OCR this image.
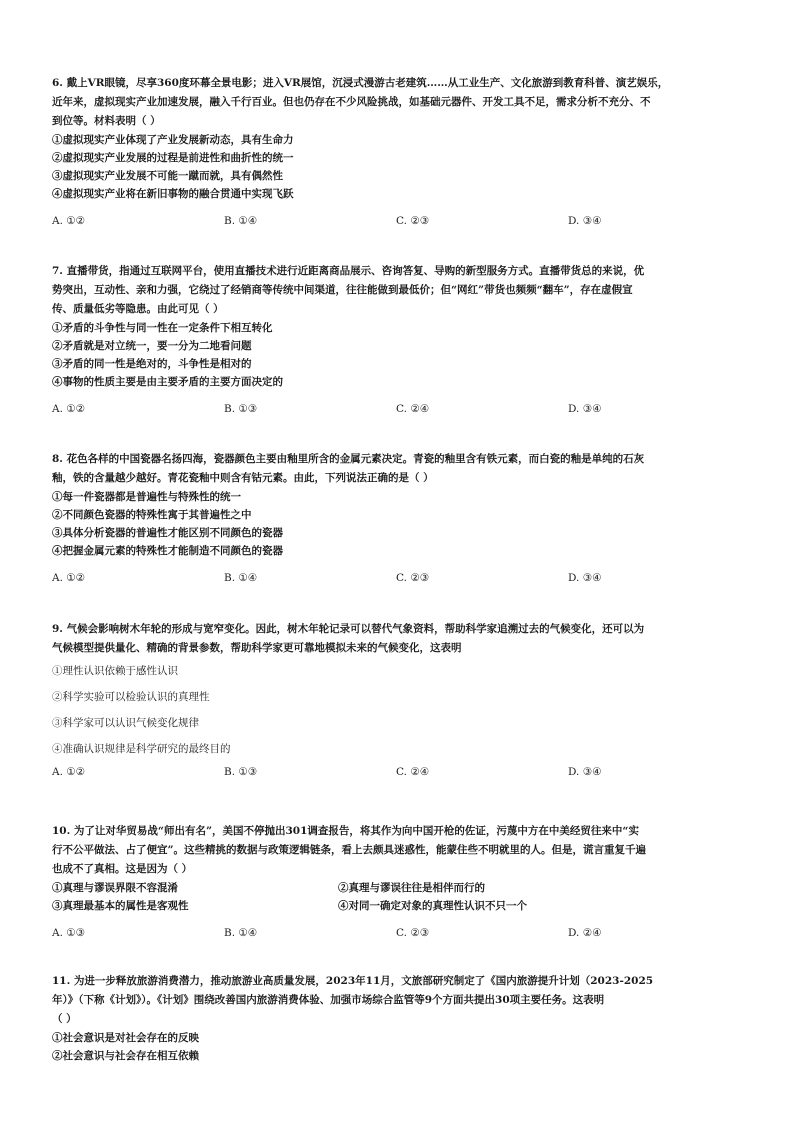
6. 戴上VR眼镜，尽享360度环幕全景电影；进入VR展馆，沉浸式漫游古老建筑……从工业生产、文化旅游到教育科普、演艺娱乐，

近年来，虚拟现实产业加速发展，融入千行百业。但也仍存在不少风险挑战，如基础元器件、开发工具不足，需求分析不充分、不

到位等。材料表明（ ）

①虚拟现实产业体现了产业发展新动态，具有生命力

②虚拟现实产业发展的过程是前进性和曲折性的统一

③虚拟现实产业发展不可能一蹴而就，具有偶然性

④虚拟现实产业将在新旧事物的融合贯通中实现飞跃

A. ①②	B. ①④	C. ②③	D. ③④

7. 直播带货，指通过互联网平台，使用直播技术进行近距离商品展示、咨询答复、导购的新型服务方式。直播带货总的来说，优

势突出，互动性、亲和力强，它绕过了经销商等传统中间渠道，往往能做到最低价；但“网红”带货也频频“翻车”，存在虚假宣

传、质量低劣等隐患。由此可见（ ）

①矛盾的斗争性与同一性在一定条件下相互转化

②矛盾就是对立统一，要一分为二地看问题

③矛盾的同一性是绝对的，斗争性是相对的

④事物的性质主要是由主要矛盾的主要方面决定的

A. ①②	B. ①③	C. ②④	D. ③④

8. 花色各样的中国瓷器名扬四海，瓷器颜色主要由釉里所含的金属元素决定。青瓷的釉里含有铁元素，而白瓷的釉是单纯的石灰

釉，铁的含量越少越好。青花瓷釉中则含有钴元素。由此，下列说法正确的是（ ）

①每一件瓷器都是普遍性与特殊性的统一

②不同颜色瓷器的特殊性寓于其普遍性之中

③具体分析瓷器的普遍性才能区别不同颜色的瓷器

④把握金属元素的特殊性才能制造不同颜色的瓷器

A. ①②	B. ①④	C. ②③	D. ③④

9. 气候会影响树木年轮的形成与宽窄变化。因此，树木年轮记录可以替代气象资料，帮助科学家追溯过去的气候变化，还可以为

气候模型提供量化、精确的背景参数，帮助科学家更可靠地模拟未来的气候变化，这表明

①理性认识依赖于感性认识

②科学实验可以检验认识的真理性

③科学家可以认识气候变化规律

④准确认识规律是科学研究的最终目的

A. ①②	B. ①③	C. ②④	D. ③④

10. 为了让对华贸易战“师出有名”，美国不停抛出301调查报告，将其作为向中国开枪的佐证，污蔑中方在中美经贸往来中“实

行不公平做法、占了便宜”。这些精挑的数据与政策逻辑链条，看上去颇具迷惑性，能蒙住些不明就里的人。但是，谎言重复千遍

也成不了真相。这是因为（ ）

①真理与谬误界限不容混淆	②真理与谬误往往是相伴而行的
③真理最基本的属性是客观性	④对同一确定对象的真理性认识不只一个
A. ①③	B. ①④	C. ②③	D. ②④

11. 为进一步释放旅游消费潜力，推动旅游业高质量发展，2023年11月，文旅部研究制定了《国内旅游提升计划（2023-2025

年）》（下称《计划》）。《计划》围绕改善国内旅游消费体验、加强市场综合监管等9个方面共提出30项主要任务。这表明

（ ）

①社会意识是对社会存在的反映

②社会意识与社会存在相互依赖
